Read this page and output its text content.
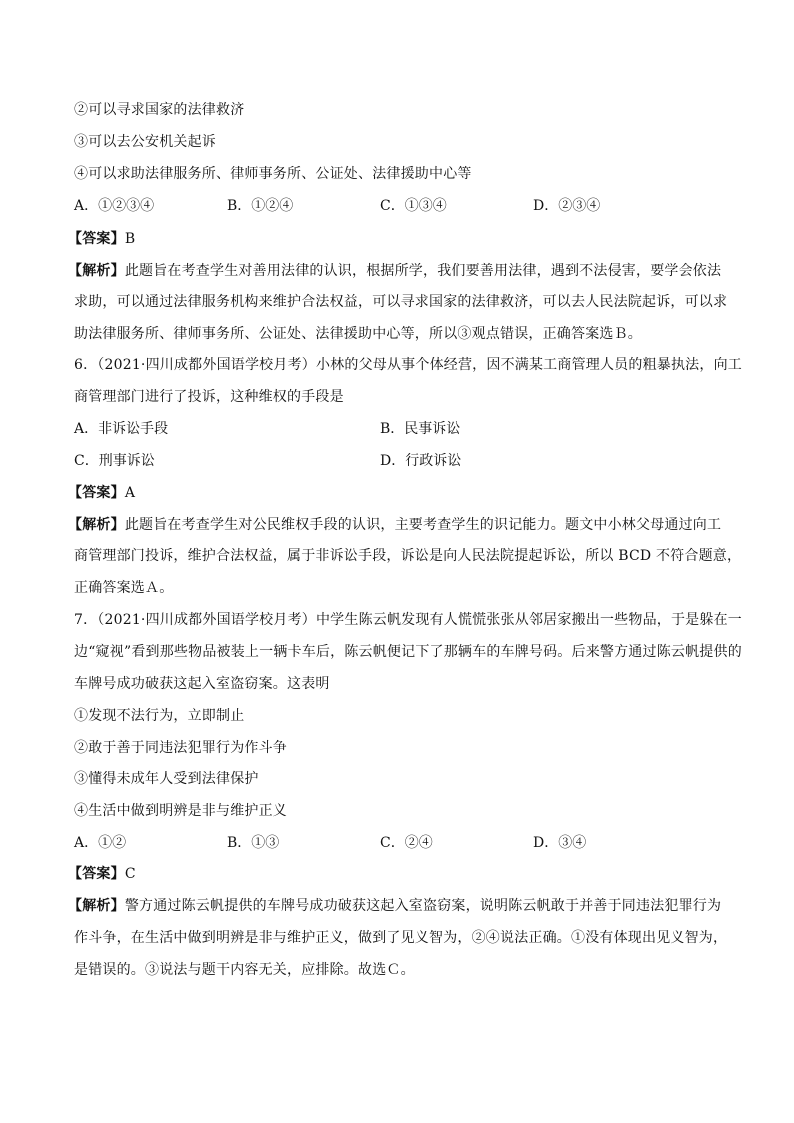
②可以寻求国家的法律救济
③可以去公安机关起诉
④可以求助法律服务所、律师事务所、公证处、法律援助中心等
A．①②③④	B．①②④	C．①③④	D．②③④
【答案】B
【解析】此题旨在考查学生对善用法律的认识，根据所学，我们要善用法律，遇到不法侵害，要学会依法
求助，可以通过法律服务机构来维护合法权益，可以寻求国家的法律救济，可以去人民法院起诉，可以求
助法律服务所、律师事务所、公证处、法律援助中心等，所以③观点错误，正确答案选Ｂ。
6．（2021·四川成都外国语学校月考）小林的父母从事个体经营，因不满某工商管理人员的粗暴执法，向工
商管理部门进行了投诉，这种维权的手段是
A．非诉讼手段	B．民事诉讼
C．刑事诉讼	D．行政诉讼
【答案】A
【解析】此题旨在考查学生对公民维权手段的认识，主要考查学生的识记能力。题文中小林父母通过向工
商管理部门投诉，维护合法权益，属于非诉讼手段，诉讼是向人民法院提起诉讼，所以 BCD 不符合题意，
正确答案选Ａ。
7．（2021·四川成都外国语学校月考）中学生陈云帆发现有人慌慌张张从邻居家搬出一些物品，于是躲在一
边“窥视”看到那些物品被装上一辆卡车后，陈云帆便记下了那辆车的车牌号码。后来警方通过陈云帆提供的
车牌号成功破获这起入室盗窃案。这表明
①发现不法行为，立即制止
②敢于善于同违法犯罪行为作斗争
③懂得未成年人受到法律保护
④生活中做到明辨是非与维护正义
A．①②	B．①③	C．②④	D．③④
【答案】C
【解析】警方通过陈云帆提供的车牌号成功破获这起入室盗窃案，说明陈云帆敢于并善于同违法犯罪行为
作斗争，在生活中做到明辨是非与维护正义，做到了见义智为，②④说法正确。①没有体现出见义智为，
是错误的。③说法与题干内容无关，应排除。故选Ｃ。
